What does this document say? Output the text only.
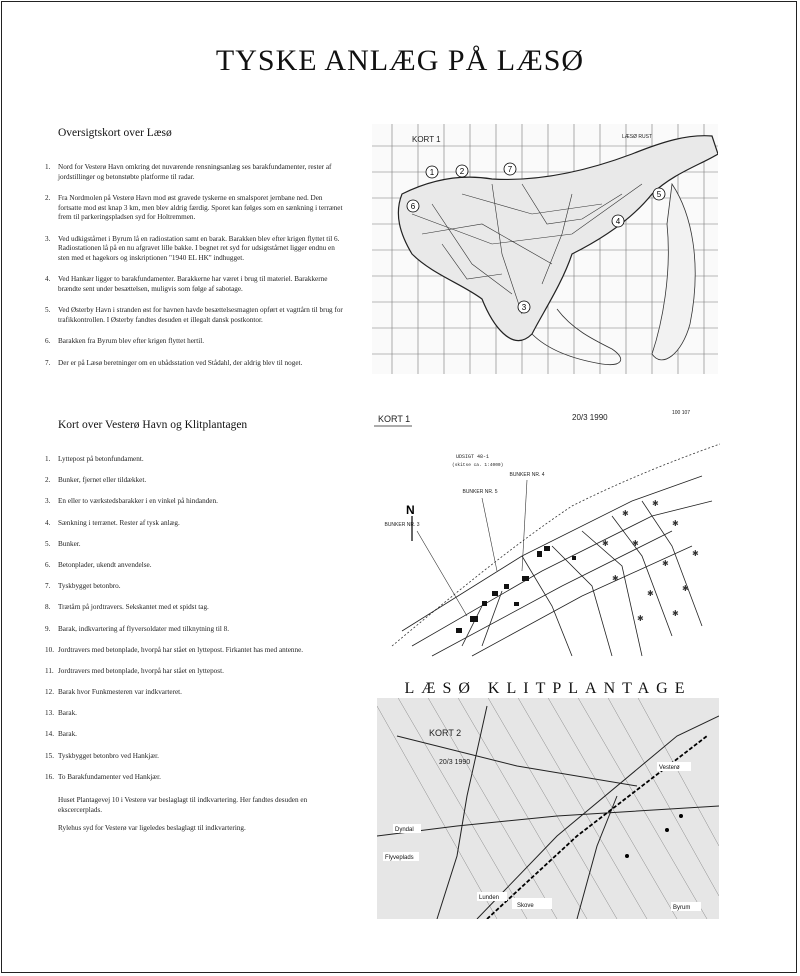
TYSKE ANLÆG PÅ LÆSØ
Oversigtskort over Læsø
1. Nord for Vesterø Havn omkring det nuværende rensningsanlæg ses barakfundamenter, rester af jordstillinger og betonstøbte platforme til radar.
2. Fra Nordmolen på Vesterø Havn mod øst gravede tyskerne en smalsporet jernbane ned. Den fortsatte mod øst knap 3 km, men blev aldrig færdig. Sporet kan følges som en sænkning i terrænet frem til parkeringspladsen syd for Holtremmen.
3. Ved udkigstårnet i Byrum lå en radiostation samt en barak. Barakken blev efter krigen flyttet til 6. Radiostationen lå på en nu afgravet lille bakke. I begnet ret syd for udsigtstårnet ligger endnu en sten med et hagekors og inskriptionen "1940 EL HK" indhugget.
4. Ved Hankær ligger to barakfundamenter. Barakkerne har været i brug til materiel. Barakkerne brændte sent under besættelsen, muligvis som følge af sabotage.
5. Ved Østerby Havn i stranden øst for havnen havde besættelsesmagten opført et vagttårn til brug for trafikkontrollen. I Østerby fandtes desuden et illegalt dansk postkontor.
6. Barakken fra Byrum blev efter krigen flyttet hertil.
7. Der er på Læsø beretninger om en ubådsstation ved Stådahl, der aldrig blev til noget.
Kort over Vesterø Havn og Klitplantagen
1. Lyttepost på betonfundament.
2. Bunker, fjernet eller tildækket.
3. En eller to værkstedsbarakker i en vinkel på hindanden.
4. Sænkning i terrænet. Rester af tysk anlæg.
5. Bunker.
6. Betonplader, ukendt anvendelse.
7. Tyskbygget betonbro.
8. Trætårn på jordtravers. Sekskantet med et spidst tag.
9. Barak, indkvartering af flyversoldater med tilknytning til 8.
10. Jordtravers med betonplade, hvorpå har stået en lyttepost. Firkantet has med antenne.
11. Jordtravers med betonplade, hvorpå har stået en lyttepost.
12. Barak hvor Funkmesteren var indkvarteret.
13. Barak.
14. Barak.
15. Tyskbygget betonbro ved Hankjær.
16. To Barakfundamenter ved Hankjær.

Huset Plantagevej 10 i Vesterø var beslaglagt til indkvartering. Her fandtes desuden en ekscercerplads.

Rylehus syd for Vesterø var ligeledes beslaglagt til indkvartering.

KORT 1	LÆSØ RUST
1	2
3
4
5
6
7
KORT 1	20/3 1990	100 107
UDSIGT 48-1
(skitse ca. 1:4000)
N	✱
✱
✱
✱
✱
✱
✱
✱
✱
✱
✱
✱
BUNKER NR. 5
BUNKER NR. 4
BUNKER NR. 3
LÆSØ KLITPLANTAGE
KORT 2
20/3 1990
Flyveplads
Dyndal
Lunden
Skove
Vesterø
Byrum
